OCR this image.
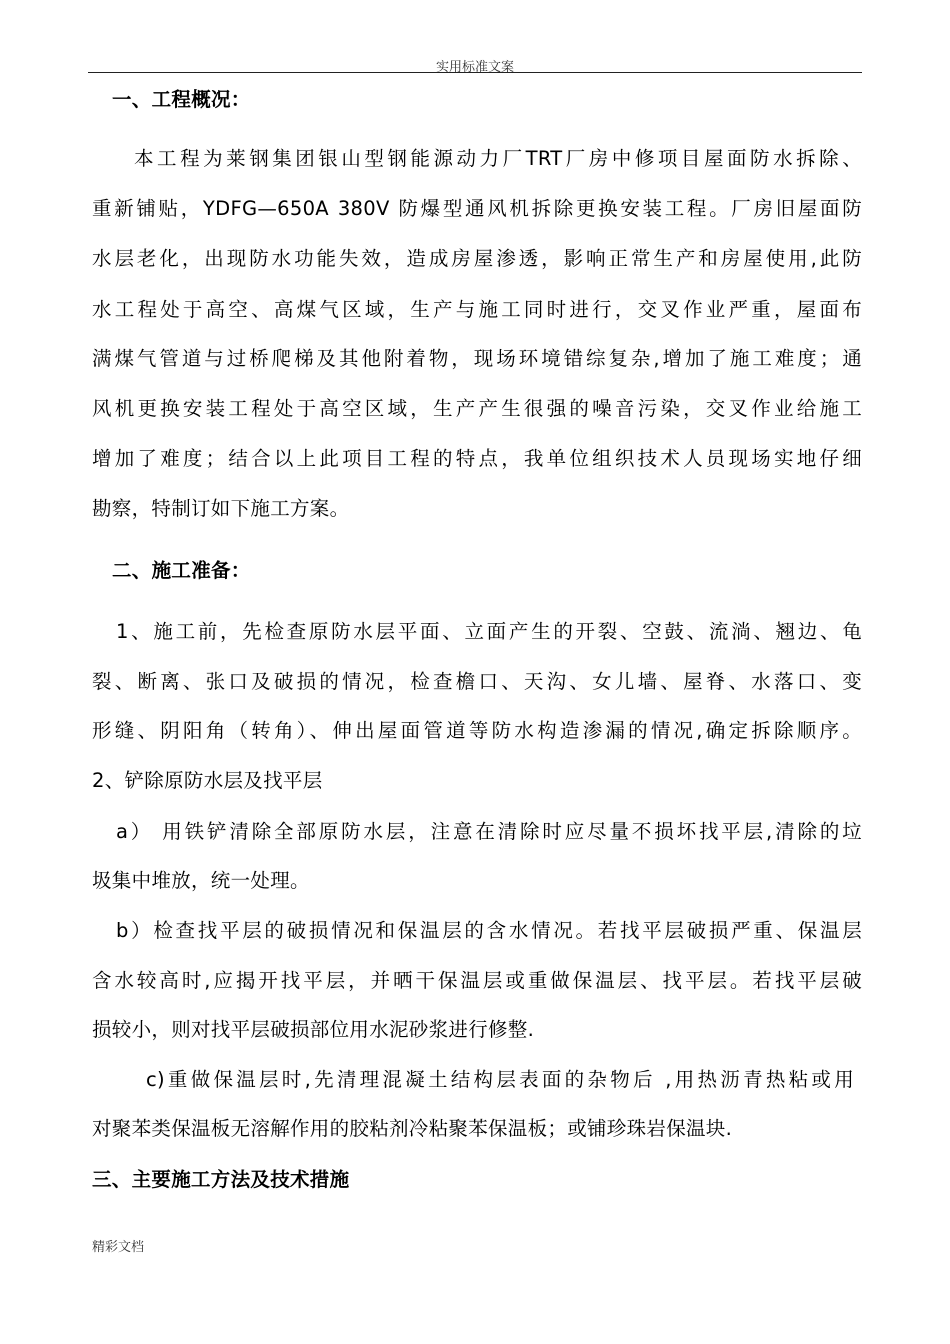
实用标准文案
一、工程概况：
本工程为莱钢集团银山型钢能源动力厂TRT厂房中修项目屋面防水拆除、
重新铺贴，YDFG—650A 380V 防爆型通风机拆除更换安装工程。厂房旧屋面防
水层老化，出现防水功能失效，造成房屋渗透，影响正常生产和房屋使用,此防
水工程处于高空、高煤气区域，生产与施工同时进行，交叉作业严重，屋面布
满煤气管道与过桥爬梯及其他附着物，现场环境错综复杂,增加了施工难度；通
风机更换安装工程处于高空区域，生产产生很强的噪音污染，交叉作业给施工
增加了难度；结合以上此项目工程的特点，我单位组织技术人员现场实地仔细
勘察，特制订如下施工方案。
二、施工准备：
1、施工前，先检查原防水层平面、立面产生的开裂、空鼓、流淌、翘边、龟
裂、断离、张口及破损的情况，检查檐口、天沟、女儿墙、屋脊、水落口、变
形缝、阴阳角（转角）、伸出屋面管道等防水构造渗漏的情况,确定拆除顺序。
2、铲除原防水层及找平层
a） 用铁铲清除全部原防水层，注意在清除时应尽量不损坏找平层,清除的垃
圾集中堆放，统一处理。
b）检查找平层的破损情况和保温层的含水情况。若找平层破损严重、保温层
含水较高时,应揭开找平层，并晒干保温层或重做保温层、找平层。若找平层破
损较小，则对找平层破损部位用水泥砂浆进行修整.
c)重做保温层时,先清理混凝土结构层表面的杂物后 ,用热沥青热粘或用
对聚苯类保温板无溶解作用的胶粘剂冷粘聚苯保温板；或铺珍珠岩保温块.
三、主要施工方法及技术措施
精彩文档
